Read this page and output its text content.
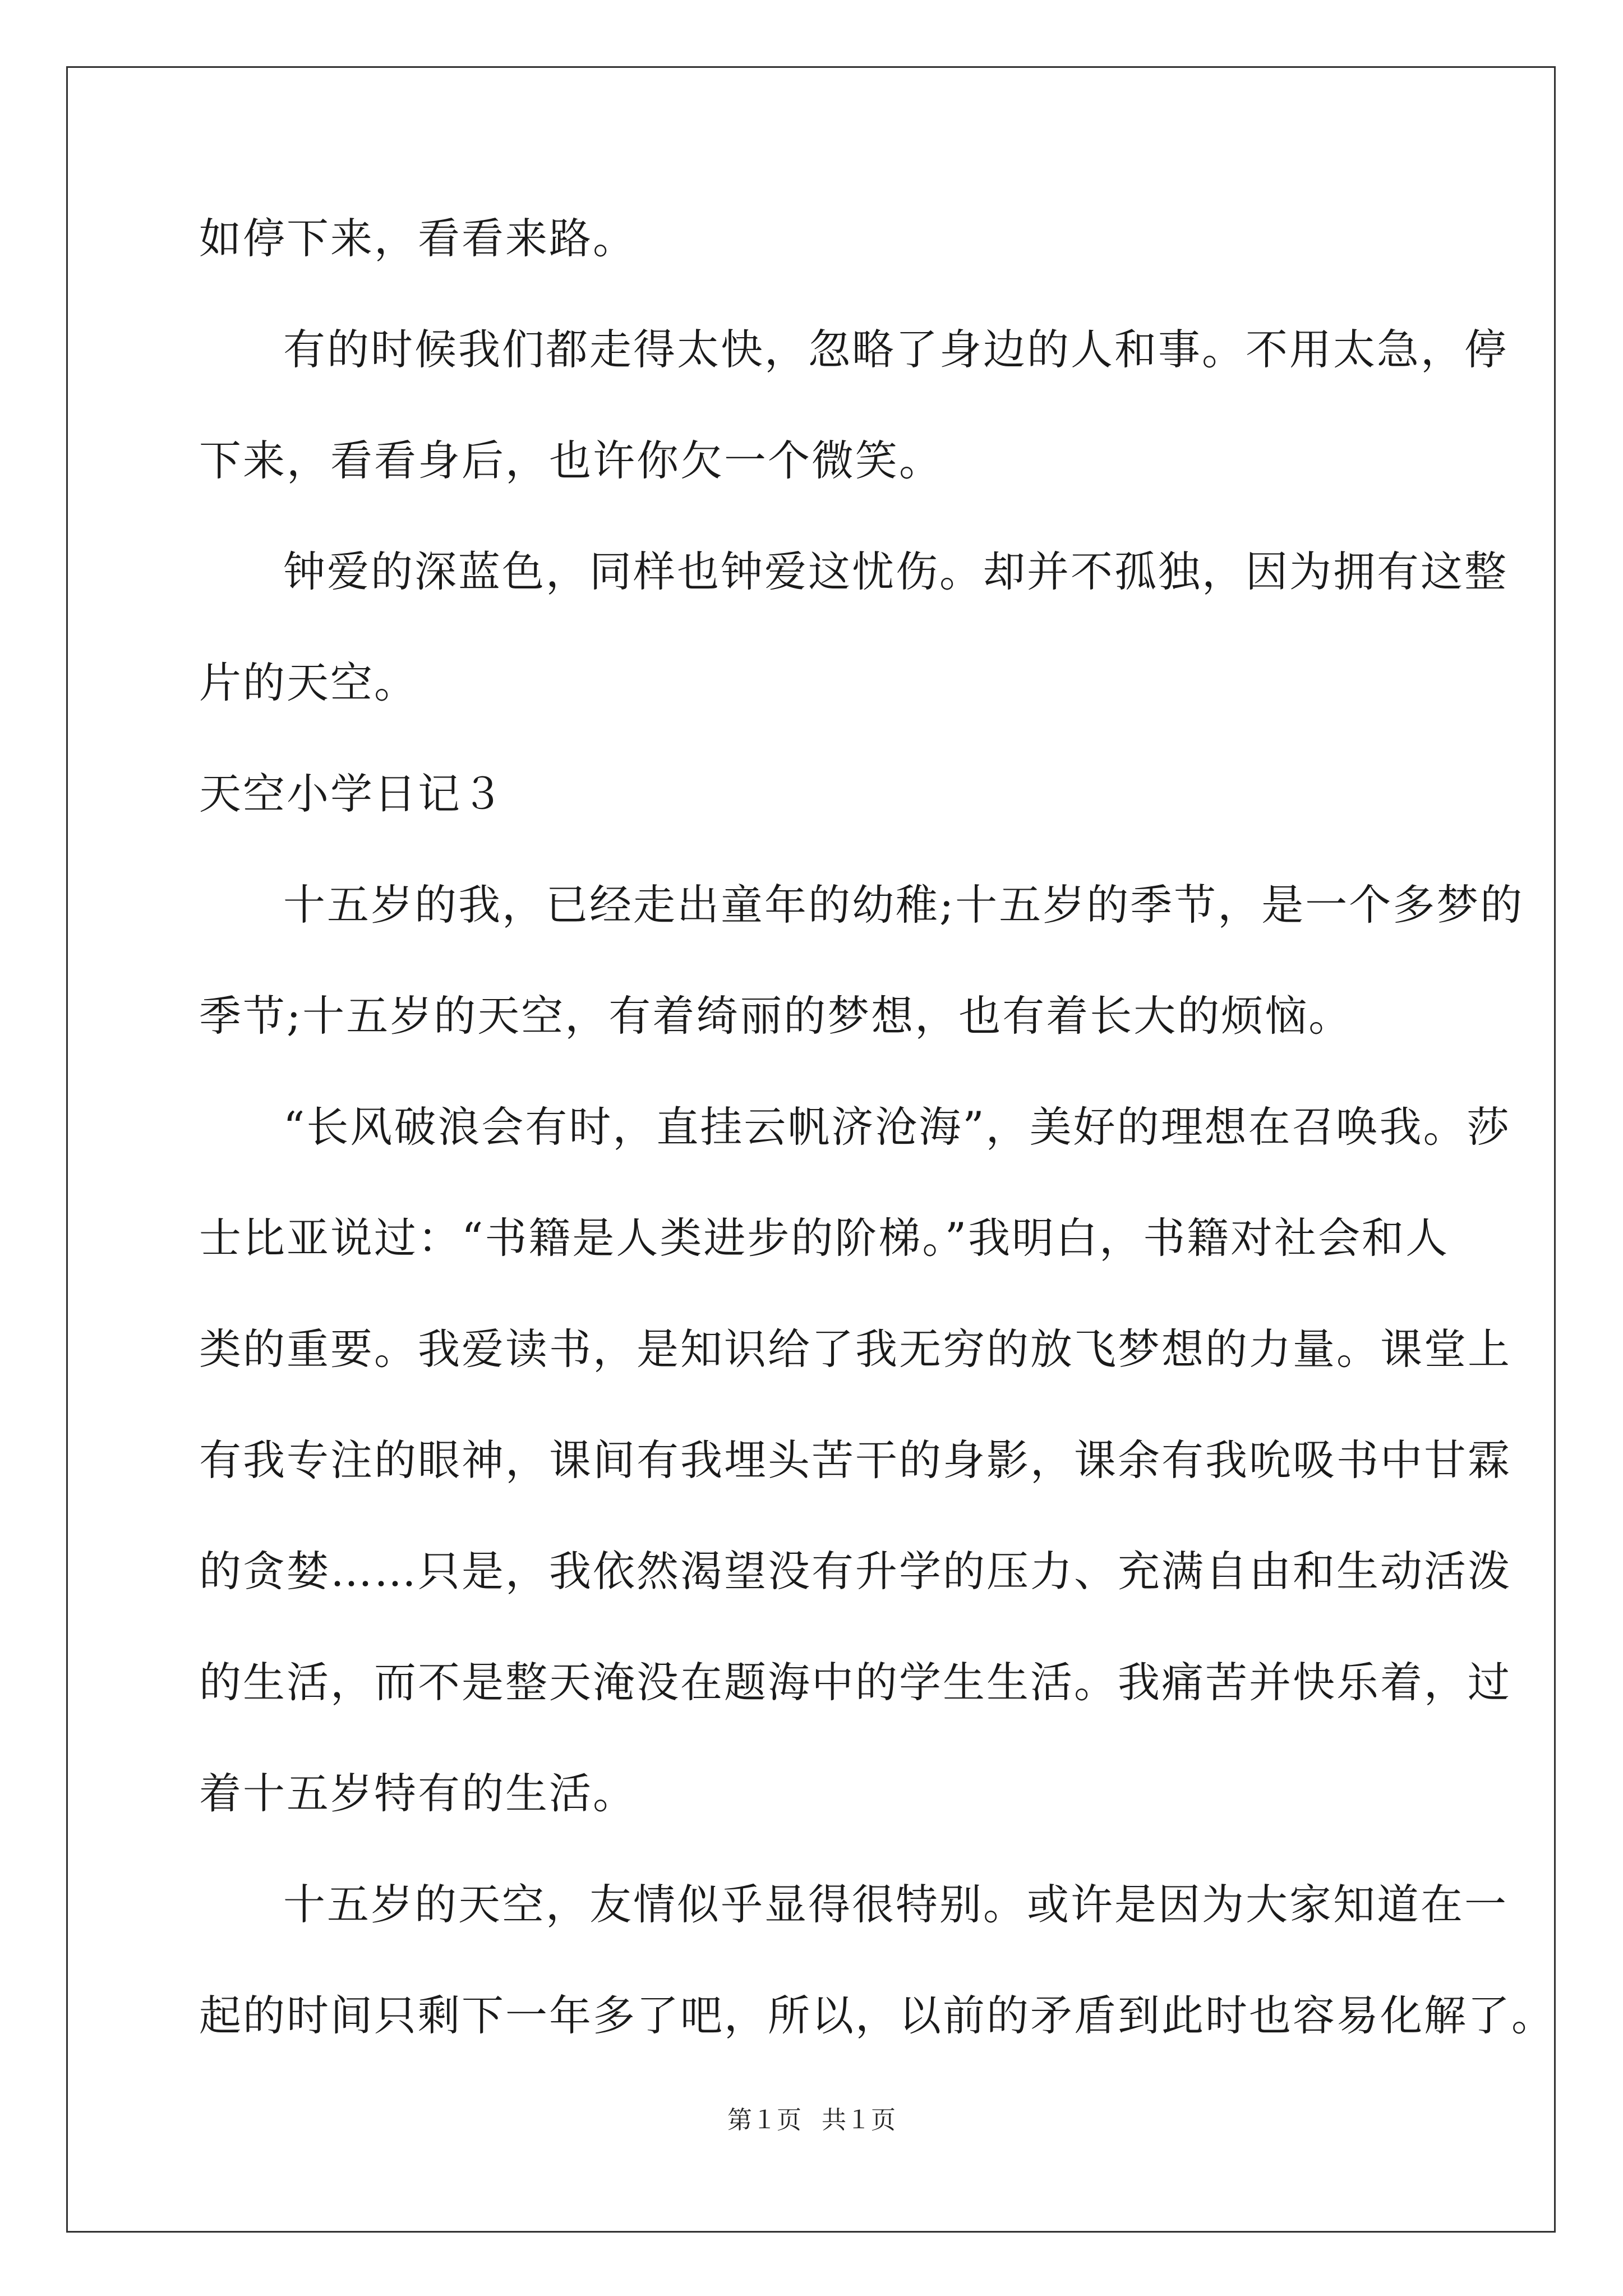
如停下来，看看来路。
有的时候我们都走得太快，忽略了身边的人和事。不用太急，停
下来，看看身后，也许你欠一个微笑。
钟爱的深蓝色，同样也钟爱这忧伤。却并不孤独，因为拥有这整
片的天空。
天空小学日记３
十五岁的我，已经走出童年的幼稚;十五岁的季节，是一个多梦的
季节;十五岁的天空，有着绮丽的梦想，也有着长大的烦恼。
“长风破浪会有时，直挂云帆济沧海”，美好的理想在召唤我。莎
士比亚说过：“书籍是人类进步的阶梯。”我明白，书籍对社会和人
类的重要。我爱读书，是知识给了我无穷的放飞梦想的力量。课堂上
有我专注的眼神，课间有我埋头苦干的身影，课余有我吮吸书中甘霖
的贪婪……只是，我依然渴望没有升学的压力、充满自由和生动活泼
的生活，而不是整天淹没在题海中的学生生活。我痛苦并快乐着，过
着十五岁特有的生活。
十五岁的天空，友情似乎显得很特别。或许是因为大家知道在一
起的时间只剩下一年多了吧，所以，以前的矛盾到此时也容易化解了。
第１页 共１页
